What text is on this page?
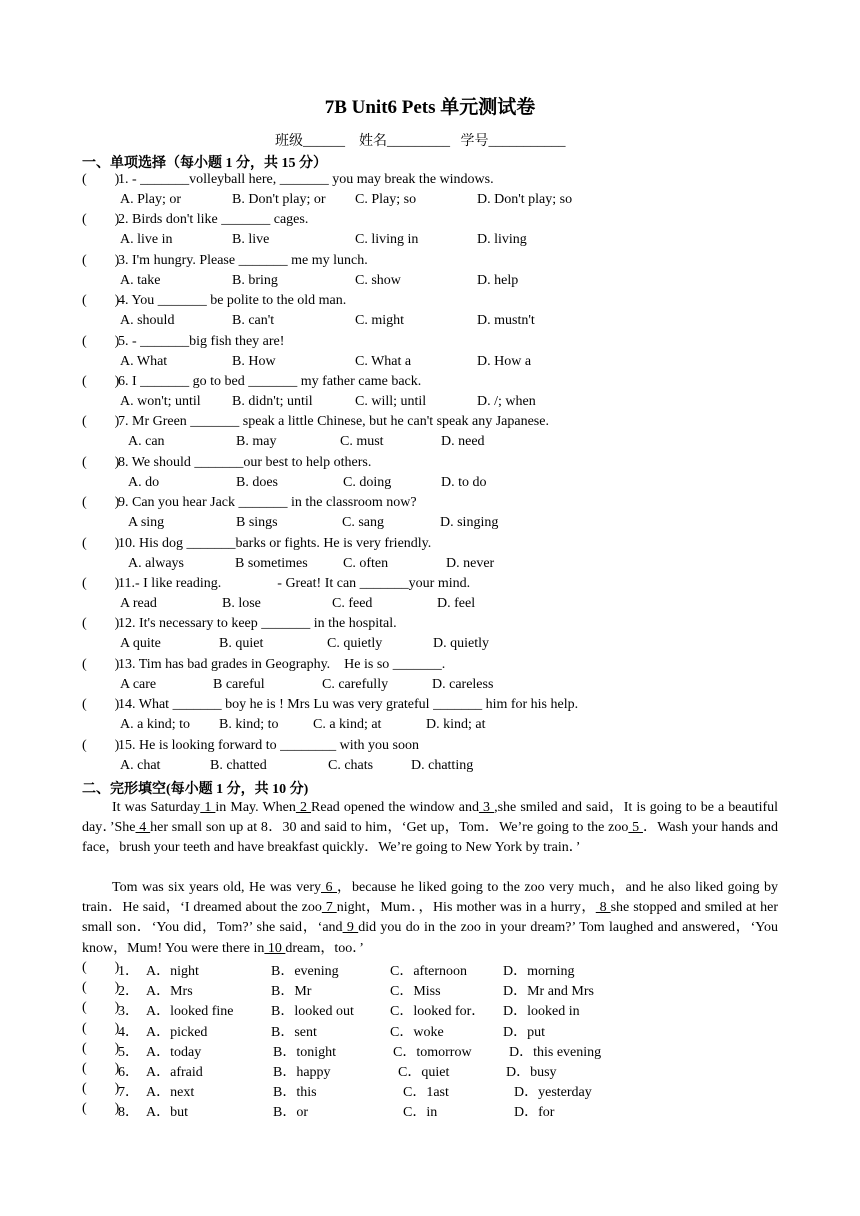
7B Unit6 Pets 单元测试卷
班级______    姓名_________   学号___________
一、单项选择（每小题 1 分，共 15 分）
(        )
1. - _______volleyball here, _______ you may break the windows.
A. Play; or	B. Don't play; or C. Play; so	D. Don't play; so
(        )
2. Birds don't like _______ cages.
A. live in	B. live	C. living in	D. living
(        )
3. I'm hungry. Please _______ me my lunch.
A. take	B. bring	C. show	D. help
(        )
4. You _______ be polite to the old man.
A. should	B. can't	C. might	D. mustn't
(        )
5. - _______big fish they are!
A. What	B. How	C. What a	D. How a
(        )
6. I _______ go to bed _______ my father came back.
A. won't; until B. didn't; until	C. will; until	D. /; when
(        )
7. Mr Green _______ speak a little Chinese, but he can't speak any Japanese.
A. can	B. may	C. must	D. need
(        )
8. We should _______our best to help others.
A. do	B. does	C. doing	D. to do
(        )
9. Can you hear Jack _______ in the classroom now?
A sing	B sings	C. sang	D. singing
(        )
10. His dog _______barks or fights. He is very friendly.
A. always	B sometimes	C. often	D. never
(        )
11.- I like reading.                - Great! It can _______your mind.
A read	B. lose	C. feed	D. feel
(        )
12. It's necessary to keep _______ in the hospital.
A quite	B. quiet	C. quietly	D. quietly
(        )
13. Tim has bad grades in Geography.    He is so _______.
A care	B careful	C. carefully	D. careless
(        )
14. What _______ boy he is ! Mrs Lu was very grateful _______ him for his help.
A. a kind; to B. kind; to C. a kind; at	D. kind; at
(        )
15. He is looking forward to ________ with you soon
A. chat	B. chatted	C. chats	D. chatting
二、完形填空(每小题 1 分，共 10 分)
It was Saturday 1 in May. When 2 Read opened the window and 3 ,she smiled and said，It is going to be a beautiful day．’She 4 her small son up at 8．30 and said to him，‘Get up，Tom．We’re going to the zoo 5 ．Wash your hands and face，brush your teeth and have breakfast quickly．We’re going to New York by train．’
Tom was six years old, He was very 6 ，because he liked going to the zoo very much，and he also liked going by train．He said，‘I dreamed about the zoo 7 night，Mum．，His mother was in a hurry， 8 she stopped and smiled at her small son．‘You did，Tom?’ she said，‘and 9 did you do in the zoo in your dream?’ Tom laughed and answered，‘You know，Mum! You were there in 10 dream，too．’
(        )
1． A．night	B．evening	C．afternoon	D．morning
(        )
2． A．Mrs	B．Mr	C．Miss	D．Mr and Mrs
(        )
3． A．looked fine	B．looked out	C．looked for． D．looked in
(        )
4． A．picked	B．sent	C．woke	D．put
(        )
5． A．today	B．tonight	C．tomorrow	D．this evening
(        )
6． A．afraid	B．happy	C．quiet	D．busy
(        )
7． A．next	B．this	C．1ast	D．yesterday
(        )
8． A．but	B．or	C．in	D．for
